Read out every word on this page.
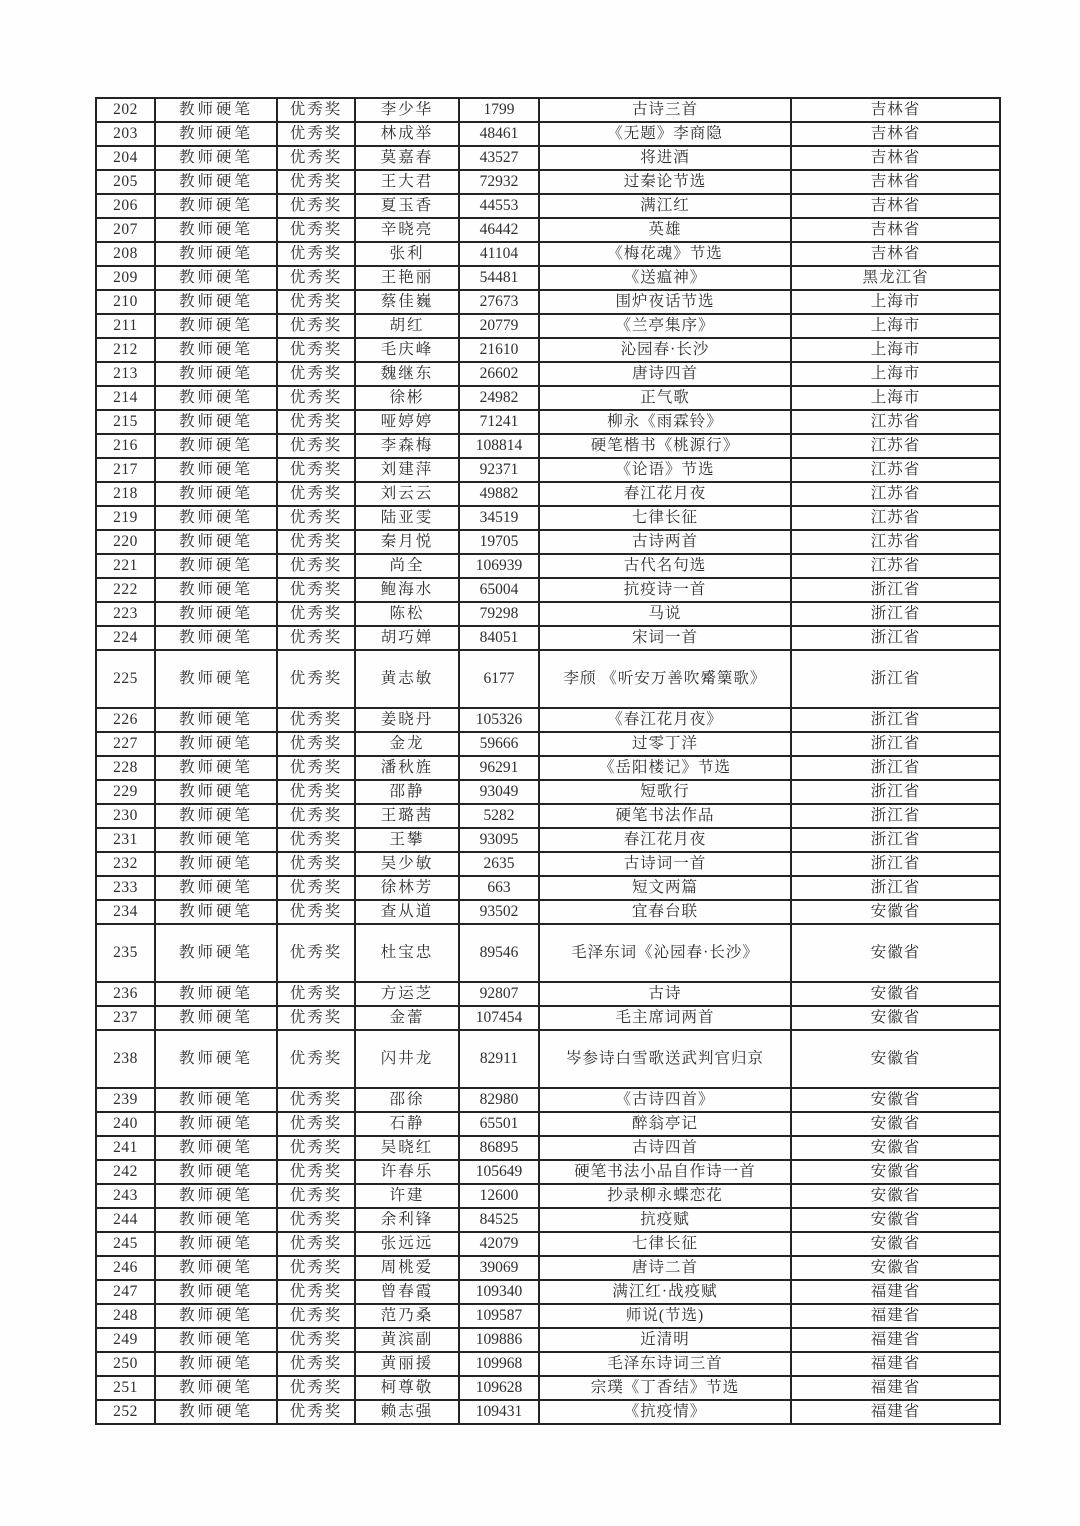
202	教师硬笔	优秀奖	李少华	1799	古诗三首	吉林省
203	教师硬笔	优秀奖	林成举	48461	《无题》李商隐	吉林省
204	教师硬笔	优秀奖	莫嘉春	43527	将进酒	吉林省
205	教师硬笔	优秀奖	王大君	72932	过秦论节选	吉林省
206	教师硬笔	优秀奖	夏玉香	44553	满江红	吉林省
207	教师硬笔	优秀奖	辛晓亮	46442	英雄	吉林省
208	教师硬笔	优秀奖	张利	41104	《梅花魂》节选	吉林省
209	教师硬笔	优秀奖	王艳丽	54481	《送瘟神》	黑龙江省
210	教师硬笔	优秀奖	蔡佳巍	27673	围炉夜话节选	上海市
211	教师硬笔	优秀奖	胡红	20779	《兰亭集序》	上海市
212	教师硬笔	优秀奖	毛庆峰	21610	沁园春·长沙	上海市
213	教师硬笔	优秀奖	魏继东	26602	唐诗四首	上海市
214	教师硬笔	优秀奖	徐彬	24982	正气歌	上海市
215	教师硬笔	优秀奖	哑婷婷	71241	柳永《雨霖铃》	江苏省
216	教师硬笔	优秀奖	李森梅	108814	硬笔楷书《桃源行》	江苏省
217	教师硬笔	优秀奖	刘建萍	92371	《论语》节选	江苏省
218	教师硬笔	优秀奖	刘云云	49882	春江花月夜	江苏省
219	教师硬笔	优秀奖	陆亚雯	34519	七律长征	江苏省
220	教师硬笔	优秀奖	秦月悦	19705	古诗两首	江苏省
221	教师硬笔	优秀奖	尚全	106939	古代名句选	江苏省
222	教师硬笔	优秀奖	鲍海水	65004	抗疫诗一首	浙江省
223	教师硬笔	优秀奖	陈松	79298	马说	浙江省
224	教师硬笔	优秀奖	胡巧婵	84051	宋词一首	浙江省
225	教师硬笔	优秀奖	黄志敏	6177	李颀 《听安万善吹觱篥歌》	浙江省
226	教师硬笔	优秀奖	姜晓丹	105326	《春江花月夜》	浙江省
227	教师硬笔	优秀奖	金龙	59666	过零丁洋	浙江省
228	教师硬笔	优秀奖	潘秋旌	96291	《岳阳楼记》节选	浙江省
229	教师硬笔	优秀奖	邵静	93049	短歌行	浙江省
230	教师硬笔	优秀奖	王璐茜	5282	硬笔书法作品	浙江省
231	教师硬笔	优秀奖	王攀	93095	春江花月夜	浙江省
232	教师硬笔	优秀奖	吴少敏	2635	古诗词一首	浙江省
233	教师硬笔	优秀奖	徐林芳	663	短文两篇	浙江省
234	教师硬笔	优秀奖	查从道	93502	宜春台联	安徽省
235	教师硬笔	优秀奖	杜宝忠	89546	毛泽东词《沁园春·长沙》	安徽省
236	教师硬笔	优秀奖	方运芝	92807	古诗	安徽省
237	教师硬笔	优秀奖	金蕾	107454	毛主席词两首	安徽省
238	教师硬笔	优秀奖	闪井龙	82911	岑参诗白雪歌送武判官归京	安徽省
239	教师硬笔	优秀奖	邵徐	82980	《古诗四首》	安徽省
240	教师硬笔	优秀奖	石静	65501	醉翁亭记	安徽省
241	教师硬笔	优秀奖	吴晓红	86895	古诗四首	安徽省
242	教师硬笔	优秀奖	许春乐	105649	硬笔书法小品自作诗一首	安徽省
243	教师硬笔	优秀奖	许建	12600	抄录柳永蝶恋花	安徽省
244	教师硬笔	优秀奖	余利锋	84525	抗疫赋	安徽省
245	教师硬笔	优秀奖	张远远	42079	七律长征	安徽省
246	教师硬笔	优秀奖	周桃爱	39069	唐诗二首	安徽省
247	教师硬笔	优秀奖	曾春霞	109340	满江红·战疫赋	福建省
248	教师硬笔	优秀奖	范乃桑	109587	师说(节选)	福建省
249	教师硬笔	优秀奖	黄滨副	109886	近清明	福建省
250	教师硬笔	优秀奖	黄丽援	109968	毛泽东诗词三首	福建省
251	教师硬笔	优秀奖	柯尊敬	109628	宗璞《丁香结》节选	福建省
252	教师硬笔	优秀奖	赖志强	109431	《抗疫情》	福建省
